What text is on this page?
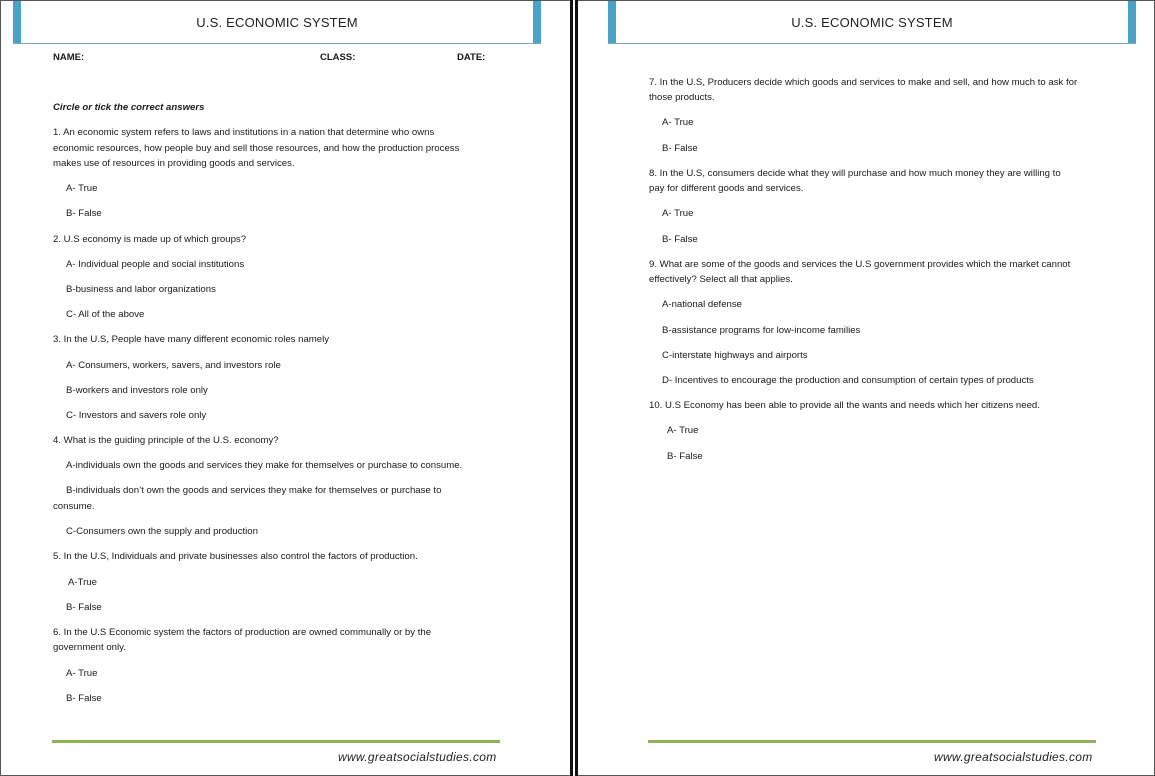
U.S. ECONOMIC SYSTEM
NAME:	CLASS:	DATE:
Circle or tick the correct answers
1. An economic system refers to laws and institutions in a nation that determine who owns
economic resources, how people buy and sell those resources, and how the production process
makes use of resources in providing goods and services.
A- True
B- False
2. U.S economy is made up of which groups?
A- Individual people and social institutions
B-business and labor organizations
C- All of the above
3. In the U.S, People have many different economic roles namely
A- Consumers, workers, savers, and investors role
B-workers and investors role only
C- Investors and savers role only
4. What is the guiding principle of the U.S. economy?
A-individuals own the goods and services they make for themselves or purchase to consume.
B-individuals don’t own the goods and services they make for themselves or purchase to
consume.
C-Consumers own the supply and production
5. In the U.S, Individuals and private businesses also control the factors of production.
A-True
B- False
6. In the U.S Economic system the factors of production are owned communally or by the
government only.
A- True
B- False
www.greatsocialstudies.com
U.S. ECONOMIC SYSTEM
7. In the U.S, Producers decide which goods and services to make and sell, and how much to ask for
those products.
A- True
B- False
8. In the U.S, consumers decide what they will purchase and how much money they are willing to
pay for different goods and services.
A- True
B- False
9. What are some of the goods and services the U.S government provides which the market cannot
effectively? Select all that applies.
A-national defense
B-assistance programs for low-income families
C-interstate highways and airports
D- Incentives to encourage the production and consumption of certain types of products
10. U.S Economy has been able to provide all the wants and needs which her citizens need.
A- True
B- False
www.greatsocialstudies.com
